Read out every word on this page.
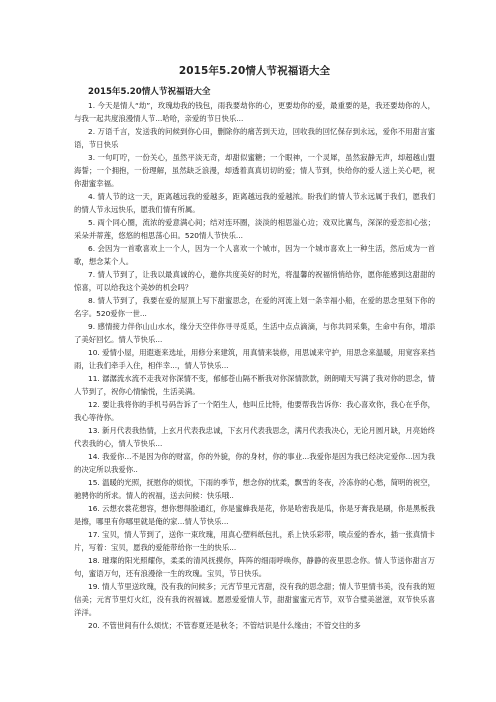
2015年5.20情人节祝福语大全
2015年5.20情人节祝福语大全

1. 今天是情人“劫”，玫瑰劫我的钱包，雨我要劫你的心，更要劫你的爱，最重要的是，我还要劫你的人，与我一起共度浪漫情人节...哈哈，亲爱的节日快乐...

2. 万语千言，发送我的问候到你心田，删除你的痛苦到天边，回收我的回忆保存到永远，爱你不用甜言蜜语，节日快乐

3. 一句叮咛，一份关心，虽然平淡无奇，却甜似蜜糖；一个眼神，一个灵犀，虽然寂静无声，却超越山盟海誓；一个拥抱，一份理解，虽然缺乏浪漫，却透着真真切切的爱；情人节到，快给你的爱人送上关心吧，祝你甜蜜幸福。

4. 情人节的这一天，距离越远我的爱越多，距离越远我的爱越浓。盼我们的情人节永远属于我们，愿我们的情人节永远快乐，愿我们情有所属。

5. 両个同心圈，流浓的爱意满心间；结对连环圈，淡淡的相思溢心边；戏双比翼鸟，深深的爱恋扣心弦；采朵并蒂莲，悠悠的相思荡心田。520情人节快乐...

6. 会因为一首歌喜欢上一个人，因为一个人喜欢一个城市，因为一个城市喜欢上一种生活，然后成为一首歌，想念某个人。

7. 情人节到了，让我以最真诚的心，邀你共度美好的时光，将温馨的祝福悄悄给你，愿你能感到这甜甜的惊喜，可以给我这个美妙的机会吗？

8. 情人节到了，我要在爱的屋頂上写下甜蜜思念，在爱的河流上划一条幸福小船，在爱的思念里刻下你的名字。520爱你一世...

9. 感情接力伴你山山水水，缘分天空伴你寻寻觅觅，生活中点点滴滴，与你共同采集，生命中有你，增添了美好回忆。情人节快乐...

10. 爱情小屋，用遐逝来选址，用修分来建筑，用真情来装修，用思诚来守护，用思念来温暖，用宽容来挡雨，让我们牵手入住，相伴幸...，情人节快乐...

11. 潺潺流水流不走我对你深情不变，郁郁苍山隔不断我对你深情款款，朗朗晴天写满了我对你的思念，情人节到了，祝你心情愉悦，生活美满。

12. 要让我将你的手机号码告诉了一个陌生人，他叫丘比特，他要帮我告诉你：我心喜欢你，我心在乎你，我心等待你。

13. 新月代表我热情，上玄月代表我忠诚，下玄月代表我思念，满月代表我决心，无论月圆月缺，月亮始终代表我的心，情人节快乐...

14. 我爱你...不是因为你的财富，你的外貌，你的身材，你的事业...我爱你是因为我已经决定爱你...因为我的决定所以我爱你..

15. 温暖的光照，抚慰你的烦忧，下雨的季节，想念你的忧柔，飘雪的冬夜，冷冻你的心愁，简明的祝空，驰骋你的所求。情人的祝福，送去问候：快乐哦..

16. 云想衣裳花想容，想你想得脸通红，你是蜜蜂我是花，你是哈密我是瓜，你是牙膏我是刷，你是黑板我是擦，哪里有你哪里就是俺的家...情人节快乐...

17. 宝贝，情人节到了，送你一束玫瑰，用真心塑料纸包扎，系上快乐彩带，喷点爱的香水，插一张真情卡片，写着：宝贝，愿我的爱能带给你一生的快乐...

18. 璀璨的阳光照耀你，柔柔的清风抚摸你，阵阵的细雨呼唤你，静静的夜里思念你。情人节送你甜言万句，蜜语万句，还有浪漫徐一生的玫瑰。宝贝，节日快乐。

19. 情人节里送玫瑰，没有我的问候多；元宵节里元宵甜，没有我的思念甜；情人节里情书美，没有我的短信美；元宵节里灯火红，没有我的祝福诚。愿恩爱爱情人节，甜甜蜜蜜元宵节，双节合璧美滋滋，双节快乐喜洋洋。

20. 不管世间有什么烦忧；不管春夏还是秋冬；不管结识是什么缘由；不管交往的多
